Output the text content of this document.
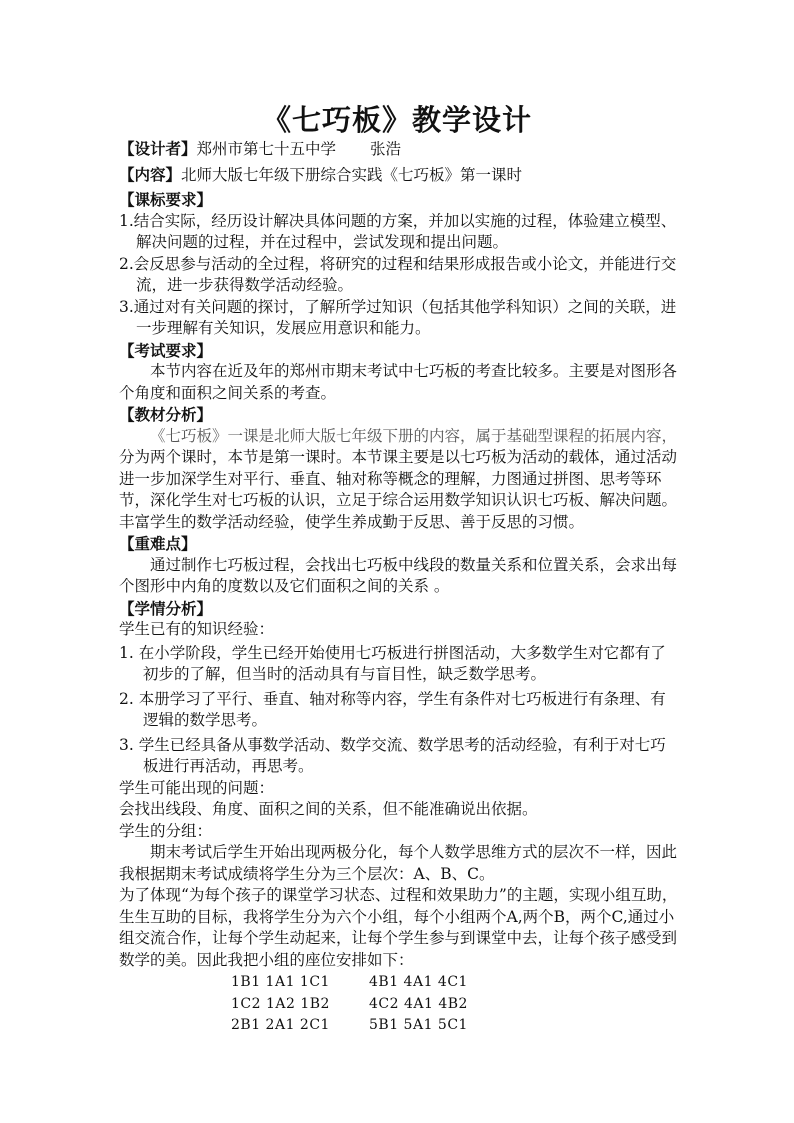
《七巧板》教学设计
【设计者】郑州市第七十五中学 张浩
【内容】北师大版七年级下册综合实践《七巧板》第一课时
【课标要求】
1.结合实际，经历设计解决具体问题的方案，并加以实施的过程，体验建立模型、解决问题的过程，并在过程中，尝试发现和提出问题。
2.会反思参与活动的全过程，将研究的过程和结果形成报告或小论文，并能进行交流，进一步获得数学活动经验。
3.通过对有关问题的探讨，了解所学过知识（包括其他学科知识）之间的关联，进一步理解有关知识，发展应用意识和能力。
【考试要求】
本节内容在近及年的郑州市期末考试中七巧板的考查比较多。主要是对图形各个角度和面积之间关系的考查。
【教材分析】
《七巧板》一课是北师大版七年级下册的内容，属于基础型课程的拓展内容，分为两个课时，本节是第一课时。本节课主要是以七巧板为活动的载体，通过活动进一步加深学生对平行、垂直、轴对称等概念的理解，力图通过拼图、思考等环节，深化学生对七巧板的认识，立足于综合运用数学知识认识七巧板、解决问题。丰富学生的数学活动经验，使学生养成勤于反思、善于反思的习惯。
【重难点】
通过制作七巧板过程，会找出七巧板中线段的数量关系和位置关系，会求出每个图形中内角的度数以及它们面积之间的关系 。
【学情分析】
学生已有的知识经验：
1. 在小学阶段，学生已经开始使用七巧板进行拼图活动，大多数学生对它都有了初步的了解，但当时的活动具有与盲目性，缺乏数学思考。
2. 本册学习了平行、垂直、轴对称等内容，学生有条件对七巧板进行有条理、有逻辑的数学思考。
3. 学生已经具备从事数学活动、数学交流、数学思考的活动经验，有利于对七巧板进行再活动，再思考。
学生可能出现的问题：
会找出线段、角度、面积之间的关系，但不能准确说出依据。
学生的分组：
期末考试后学生开始出现两极分化，每个人数学思维方式的层次不一样，因此我根据期末考试成绩将学生分为三个层次：A、B、C。
为了体现“为每个孩子的课堂学习状态、过程和效果助力”的主题，实现小组互助，生生互助的目标，我将学生分为六个小组，每个小组两个A,两个B，两个C,通过小组交流合作，让每个学生动起来，让每个学生参与到课堂中去，让每个孩子感受到数学的美。因此我把小组的座位安排如下：
1B1 1A1 1C1	4B1 4A1 4C1
1C2 1A2 1B2	4C2 4A1 4B2
2B1 2A1 2C1	5B1 5A1 5C1
